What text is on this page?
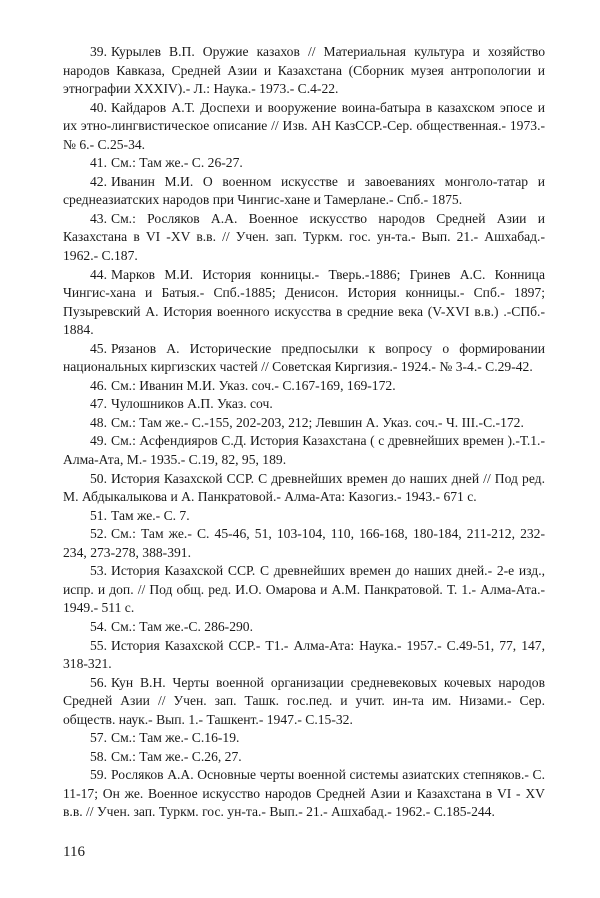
39. Курылев В.П. Оружие казахов // Материальная культура и хозяйство народов Кавказа, Средней Азии и Казахстана (Сборник музея антропологии и этнографии XXXIV).- Л.: Наука.- 1973.- С.4-22.

40. Кайдаров А.Т. Доспехи и вооружение воина-батыра в казахском эпосе и их этно-лингвистическое описание // Изв. АН КазССР.-Сер. общественная.- 1973.- № 6.- С.25-34.

41. См.: Там же.- С. 26-27.

42. Иванин М.И. О военном искусстве и завоеваниях монголо-татар и среднеазиатских народов при Чингис-хане и Тамерлане.- Спб.- 1875.

43. См.: Росляков А.А. Военное искусство народов Средней Азии и Казахстана в VI -XV в.в. // Учен. зап. Туркм. гос. ун-та.- Вып. 21.- Ашхабад.- 1962.- С.187.

44. Марков М.И. История конницы.- Тверь.-1886; Гринев А.С. Конница Чингис-хана и Батыя.- Спб.-1885; Денисон. История конницы.- Спб.- 1897; Пузыревский А. История военного искусства в средние века (V-XVI в.в.) .-СПб.- 1884.

45. Рязанов А. Исторические предпосылки к вопросу о формировании национальных киргизских частей // Советская Киргизия.- 1924.- № 3-4.- С.29-42.

46. См.: Иванин М.И. Указ. соч.- С.167-169, 169-172.

47. Чулошников А.П. Указ. соч.

48. См.: Там же.- С.-155, 202-203, 212; Левшин А. Указ. соч.- Ч. III.-С.-172.

49. См.: Асфендияров С.Д. История Казахстана ( с древнейших времен ).-Т.1.- Алма-Ата, М.- 1935.- С.19, 82, 95, 189.

50. История Казахской ССР. С древнейших времен до наших дней // Под ред. М. Абдыкалыкова и А. Панкратовой.- Алма-Ата: Казогиз.- 1943.- 671 с.

51. Там же.- С. 7.

52. См.: Там же.- С. 45-46, 51, 103-104, 110, 166-168, 180-184, 211-212, 232-234, 273-278, 388-391.

53. История Казахской ССР. С древнейших времен до наших дней.- 2-е изд., испр. и доп. // Под общ. ред. И.О. Омарова и А.М. Панкратовой. Т. 1.- Алма-Ата.- 1949.- 511 с.

54. См.: Там же.-С. 286-290.

55. История Казахской ССР.- Т1.- Алма-Ата: Наука.- 1957.- С.49-51, 77, 147, 318-321.

56. Кун В.Н. Черты военной организации средневековых кочевых народов Средней Азии // Учен. зап. Ташк. гос.пед. и учит. ин-та им. Низами.- Сер. обществ. наук.- Вып. 1.- Ташкент.- 1947.- С.15-32.

57. См.: Там же.- С.16-19.

58. См.: Там же.- С.26, 27.

59. Росляков А.А. Основные черты военной системы азиатских степняков.- С. 11-17; Он же. Военное искусство народов Средней Азии и Казахстана в VI - XV в.в. // Учен. зап. Туркм. гос. ун-та.- Вып.- 21.- Ашхабад.- 1962.- С.185-244.

116
